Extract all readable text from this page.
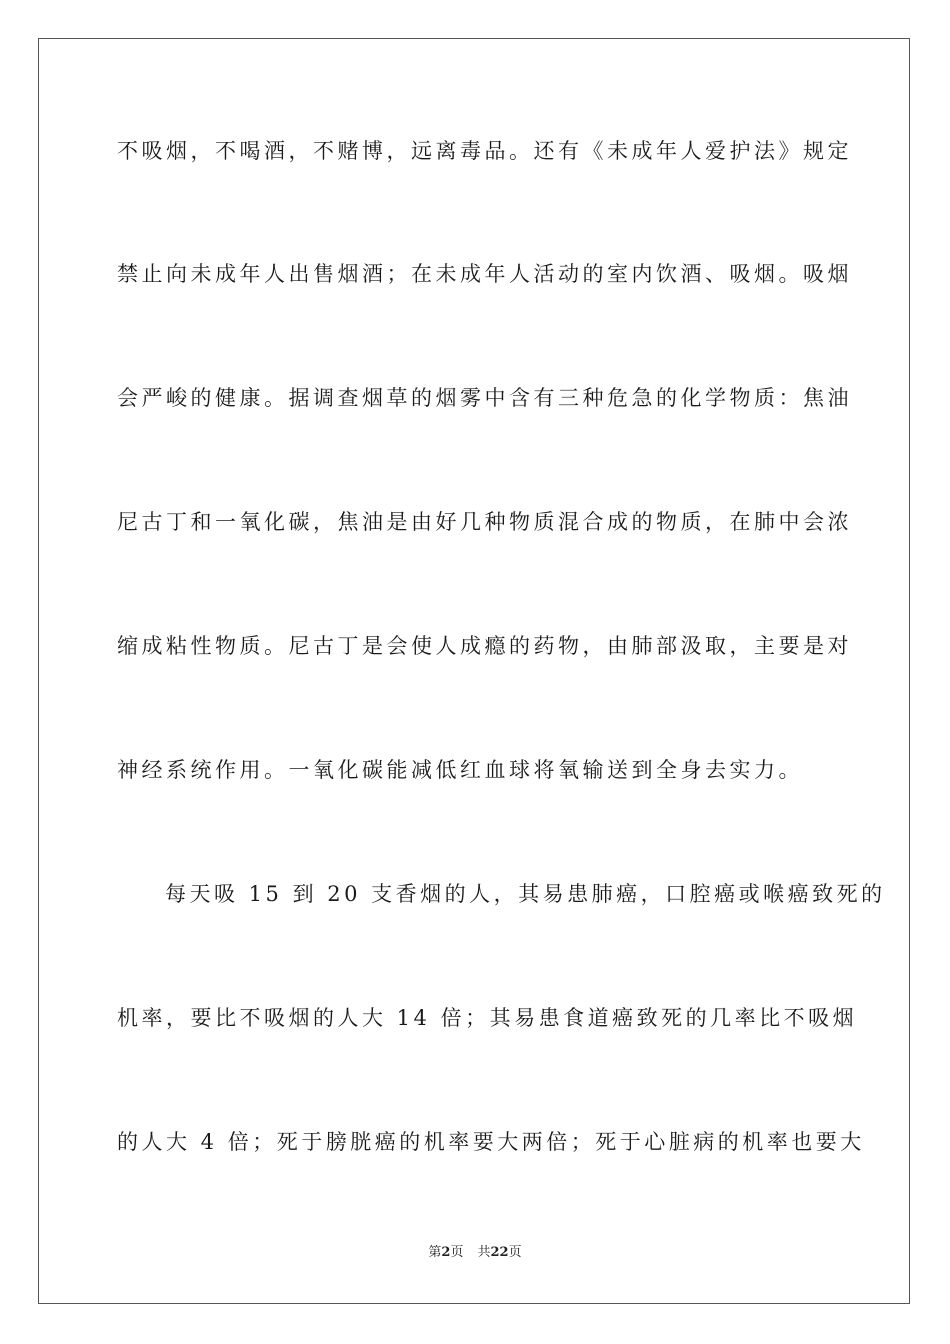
不吸烟，不喝酒，不赌博，远离毒品。还有《未成年人爱护法》规定
禁止向未成年人出售烟酒；在未成年人活动的室内饮酒、吸烟。吸烟
会严峻的健康。据调查烟草的烟雾中含有三种危急的化学物质：焦油
尼古丁和一氧化碳，焦油是由好几种物质混合成的物质，在肺中会浓
缩成粘性物质。尼古丁是会使人成瘾的药物，由肺部汲取，主要是对
神经系统作用。一氧化碳能减低红血球将氧输送到全身去实力。
每天吸 15 到 20 支香烟的人，其易患肺癌，口腔癌或喉癌致死的
机率，要比不吸烟的人大 14 倍；其易患食道癌致死的几率比不吸烟
的人大 4 倍；死于膀胱癌的机率要大两倍；死于心脏病的机率也要大
第2页 共22页
